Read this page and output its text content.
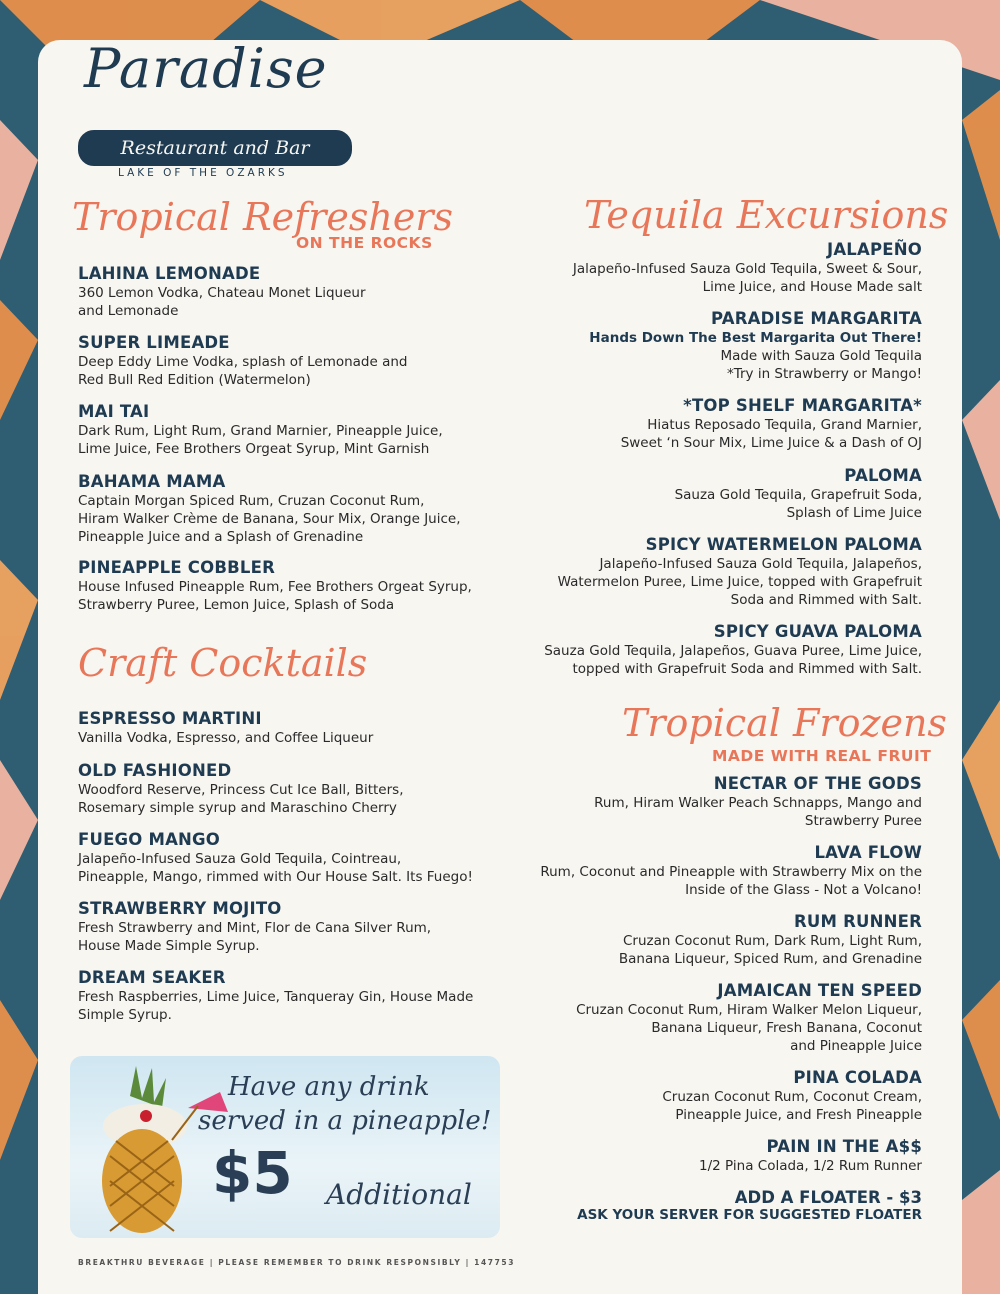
Paradise
Restaurant and Bar
LAKE OF THE OZARKS
Tropical Refreshers
ON THE ROCKS
LAHINA LEMONADE
360 Lemon Vodka, Chateau Monet Liqueur
and Lemonade
SUPER LIMEADE
Deep Eddy Lime Vodka, splash of Lemonade and
Red Bull Red Edition (Watermelon)
MAI TAI
Dark Rum, Light Rum, Grand Marnier, Pineapple Juice,
Lime Juice, Fee Brothers Orgeat Syrup, Mint Garnish
BAHAMA MAMA
Captain Morgan Spiced Rum, Cruzan Coconut Rum,
Hiram Walker Crème de Banana, Sour Mix, Orange Juice,
Pineapple Juice and a Splash of Grenadine
PINEAPPLE COBBLER
House Infused Pineapple Rum, Fee Brothers Orgeat Syrup,
Strawberry Puree, Lemon Juice, Splash of Soda
Craft Cocktails
ESPRESSO MARTINI
Vanilla Vodka, Espresso, and Coffee Liqueur
OLD FASHIONED
Woodford Reserve, Princess Cut Ice Ball, Bitters,
Rosemary simple syrup and Maraschino Cherry
FUEGO MANGO
Jalapeño-Infused Sauza Gold Tequila, Cointreau,
Pineapple, Mango, rimmed with Our House Salt. Its Fuego!
STRAWBERRY MOJITO
Fresh Strawberry and Mint, Flor de Cana Silver Rum,
House Made Simple Syrup.
DREAM SEAKER
Fresh Raspberries, Lime Juice, Tanqueray Gin, House Made
Simple Syrup.
Have any drink
served in a pineapple!
$5 Additional
BREAKTHRU BEVERAGE | PLEASE REMEMBER TO DRINK RESPONSIBLY | 147753
Tequila Excursions
JALAPEÑO
Jalapeño-Infused Sauza Gold Tequila, Sweet & Sour,
Lime Juice, and House Made salt
PARADISE MARGARITA
Hands Down The Best Margarita Out There!
Made with Sauza Gold Tequila
*Try in Strawberry or Mango!
*TOP SHELF MARGARITA*
Hiatus Reposado Tequila, Grand Marnier,
Sweet ‘n Sour Mix, Lime Juice & a Dash of OJ
PALOMA
Sauza Gold Tequila, Grapefruit Soda,
Splash of Lime Juice
SPICY WATERMELON PALOMA
Jalapeño-Infused Sauza Gold Tequila, Jalapeños,
Watermelon Puree, Lime Juice, topped with Grapefruit
Soda and Rimmed with Salt.
SPICY GUAVA PALOMA
Sauza Gold Tequila, Jalapeños, Guava Puree, Lime Juice,
topped with Grapefruit Soda and Rimmed with Salt.
Tropical Frozens
MADE WITH REAL FRUIT
NECTAR OF THE GODS
Rum, Hiram Walker Peach Schnapps, Mango and
Strawberry Puree
LAVA FLOW
Rum, Coconut and Pineapple with Strawberry Mix on the
Inside of the Glass - Not a Volcano!
RUM RUNNER
Cruzan Coconut Rum, Dark Rum, Light Rum,
Banana Liqueur, Spiced Rum, and Grenadine
JAMAICAN TEN SPEED
Cruzan Coconut Rum, Hiram Walker Melon Liqueur,
Banana Liqueur, Fresh Banana, Coconut
and Pineapple Juice
PINA COLADA
Cruzan Coconut Rum, Coconut Cream,
Pineapple Juice, and Fresh Pineapple
PAIN IN THE A$$
1/2 Pina Colada, 1/2 Rum Runner
ADD A FLOATER - $3
ASK YOUR SERVER FOR SUGGESTED FLOATER
